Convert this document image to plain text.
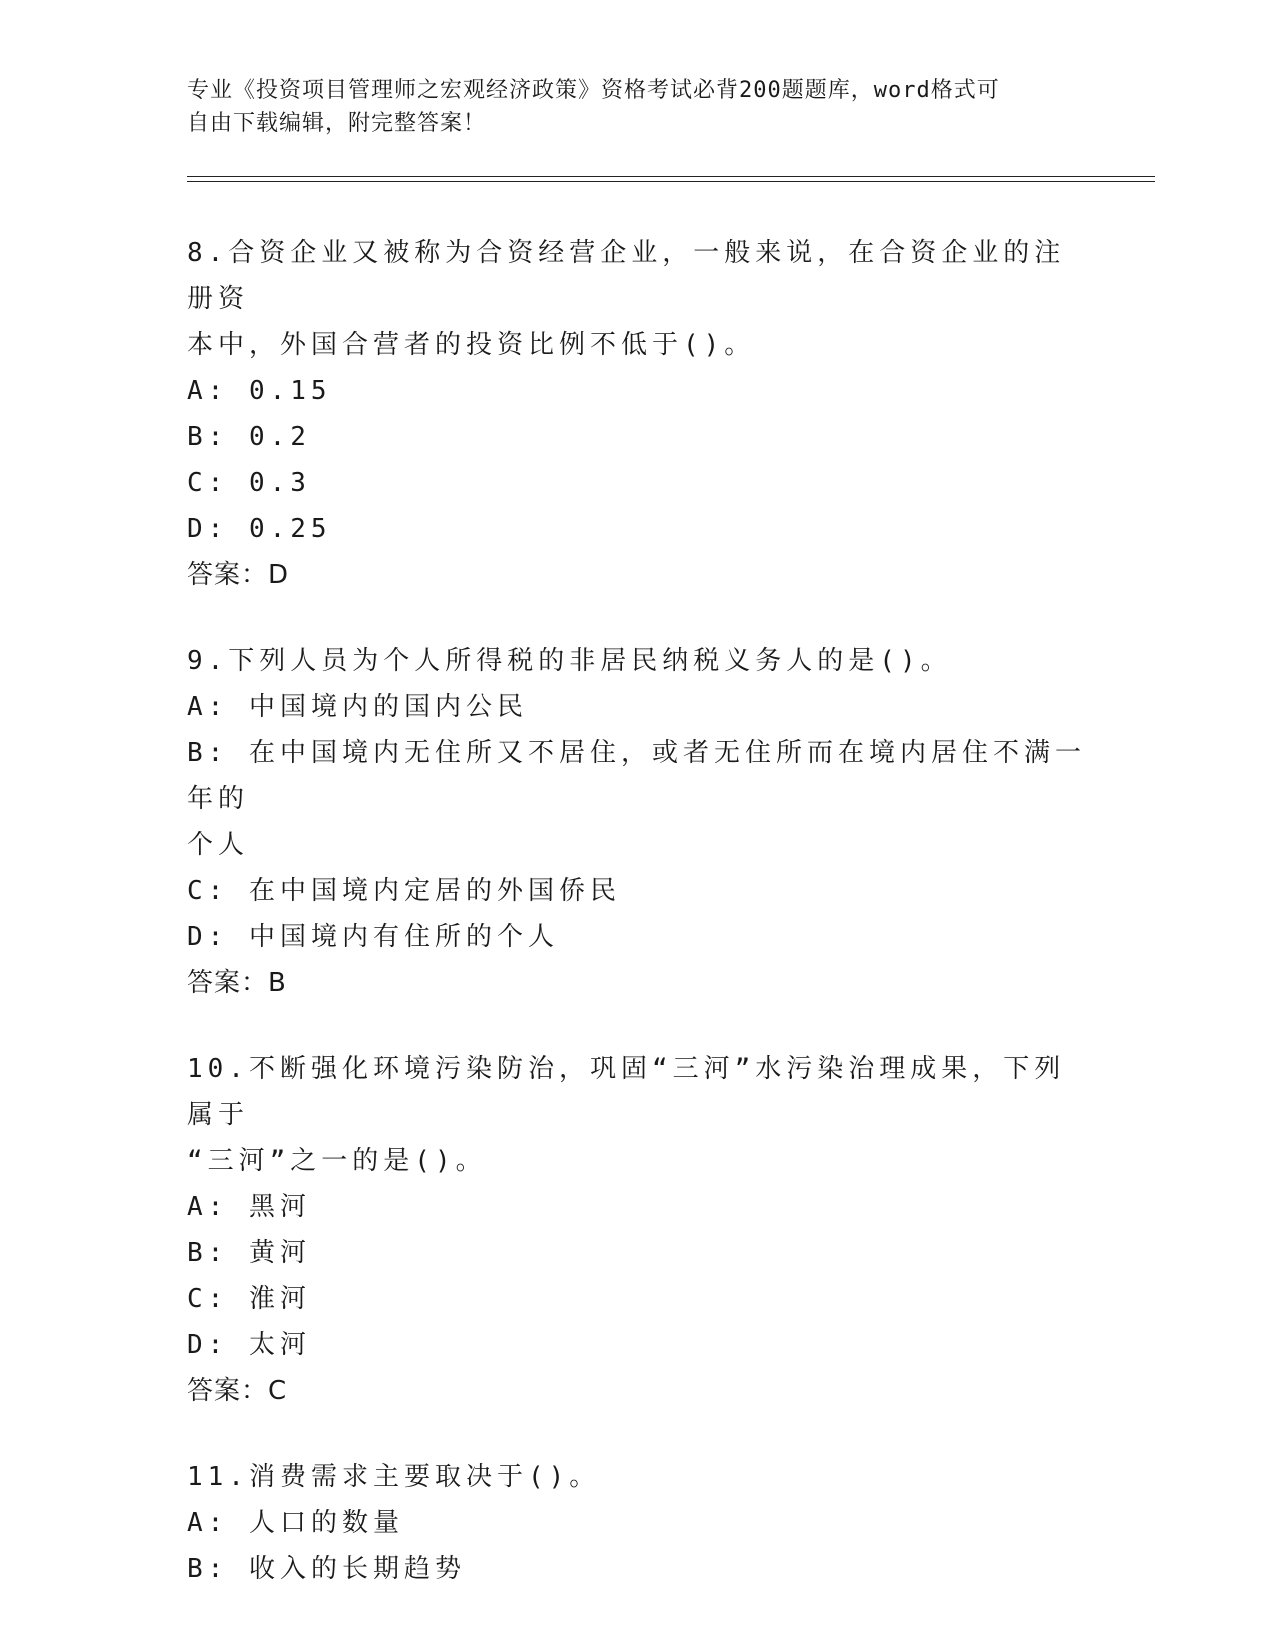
专业《投资项目管理师之宏观经济政策》资格考试必背200题题库，word格式可
自由下载编辑，附完整答案！
8.合资企业又被称为合资经营企业，一般来说，在合资企业的注册资
本中，外国合营者的投资比例不低于()。
A: 0.15
B: 0.2
C: 0.3
D: 0.25
答案：D
9.下列人员为个人所得税的非居民纳税义务人的是()。
A: 中国境内的国内公民
B: 在中国境内无住所又不居住，或者无住所而在境内居住不满一年的
个人
C: 在中国境内定居的外国侨民
D: 中国境内有住所的个人
答案：B
10.不断强化环境污染防治，巩固“三河”水污染治理成果，下列属于
“三河”之一的是()。
A: 黑河
B: 黄河
C: 淮河
D: 太河
答案：C
11.消费需求主要取决于()。
A: 人口的数量
B: 收入的长期趋势
